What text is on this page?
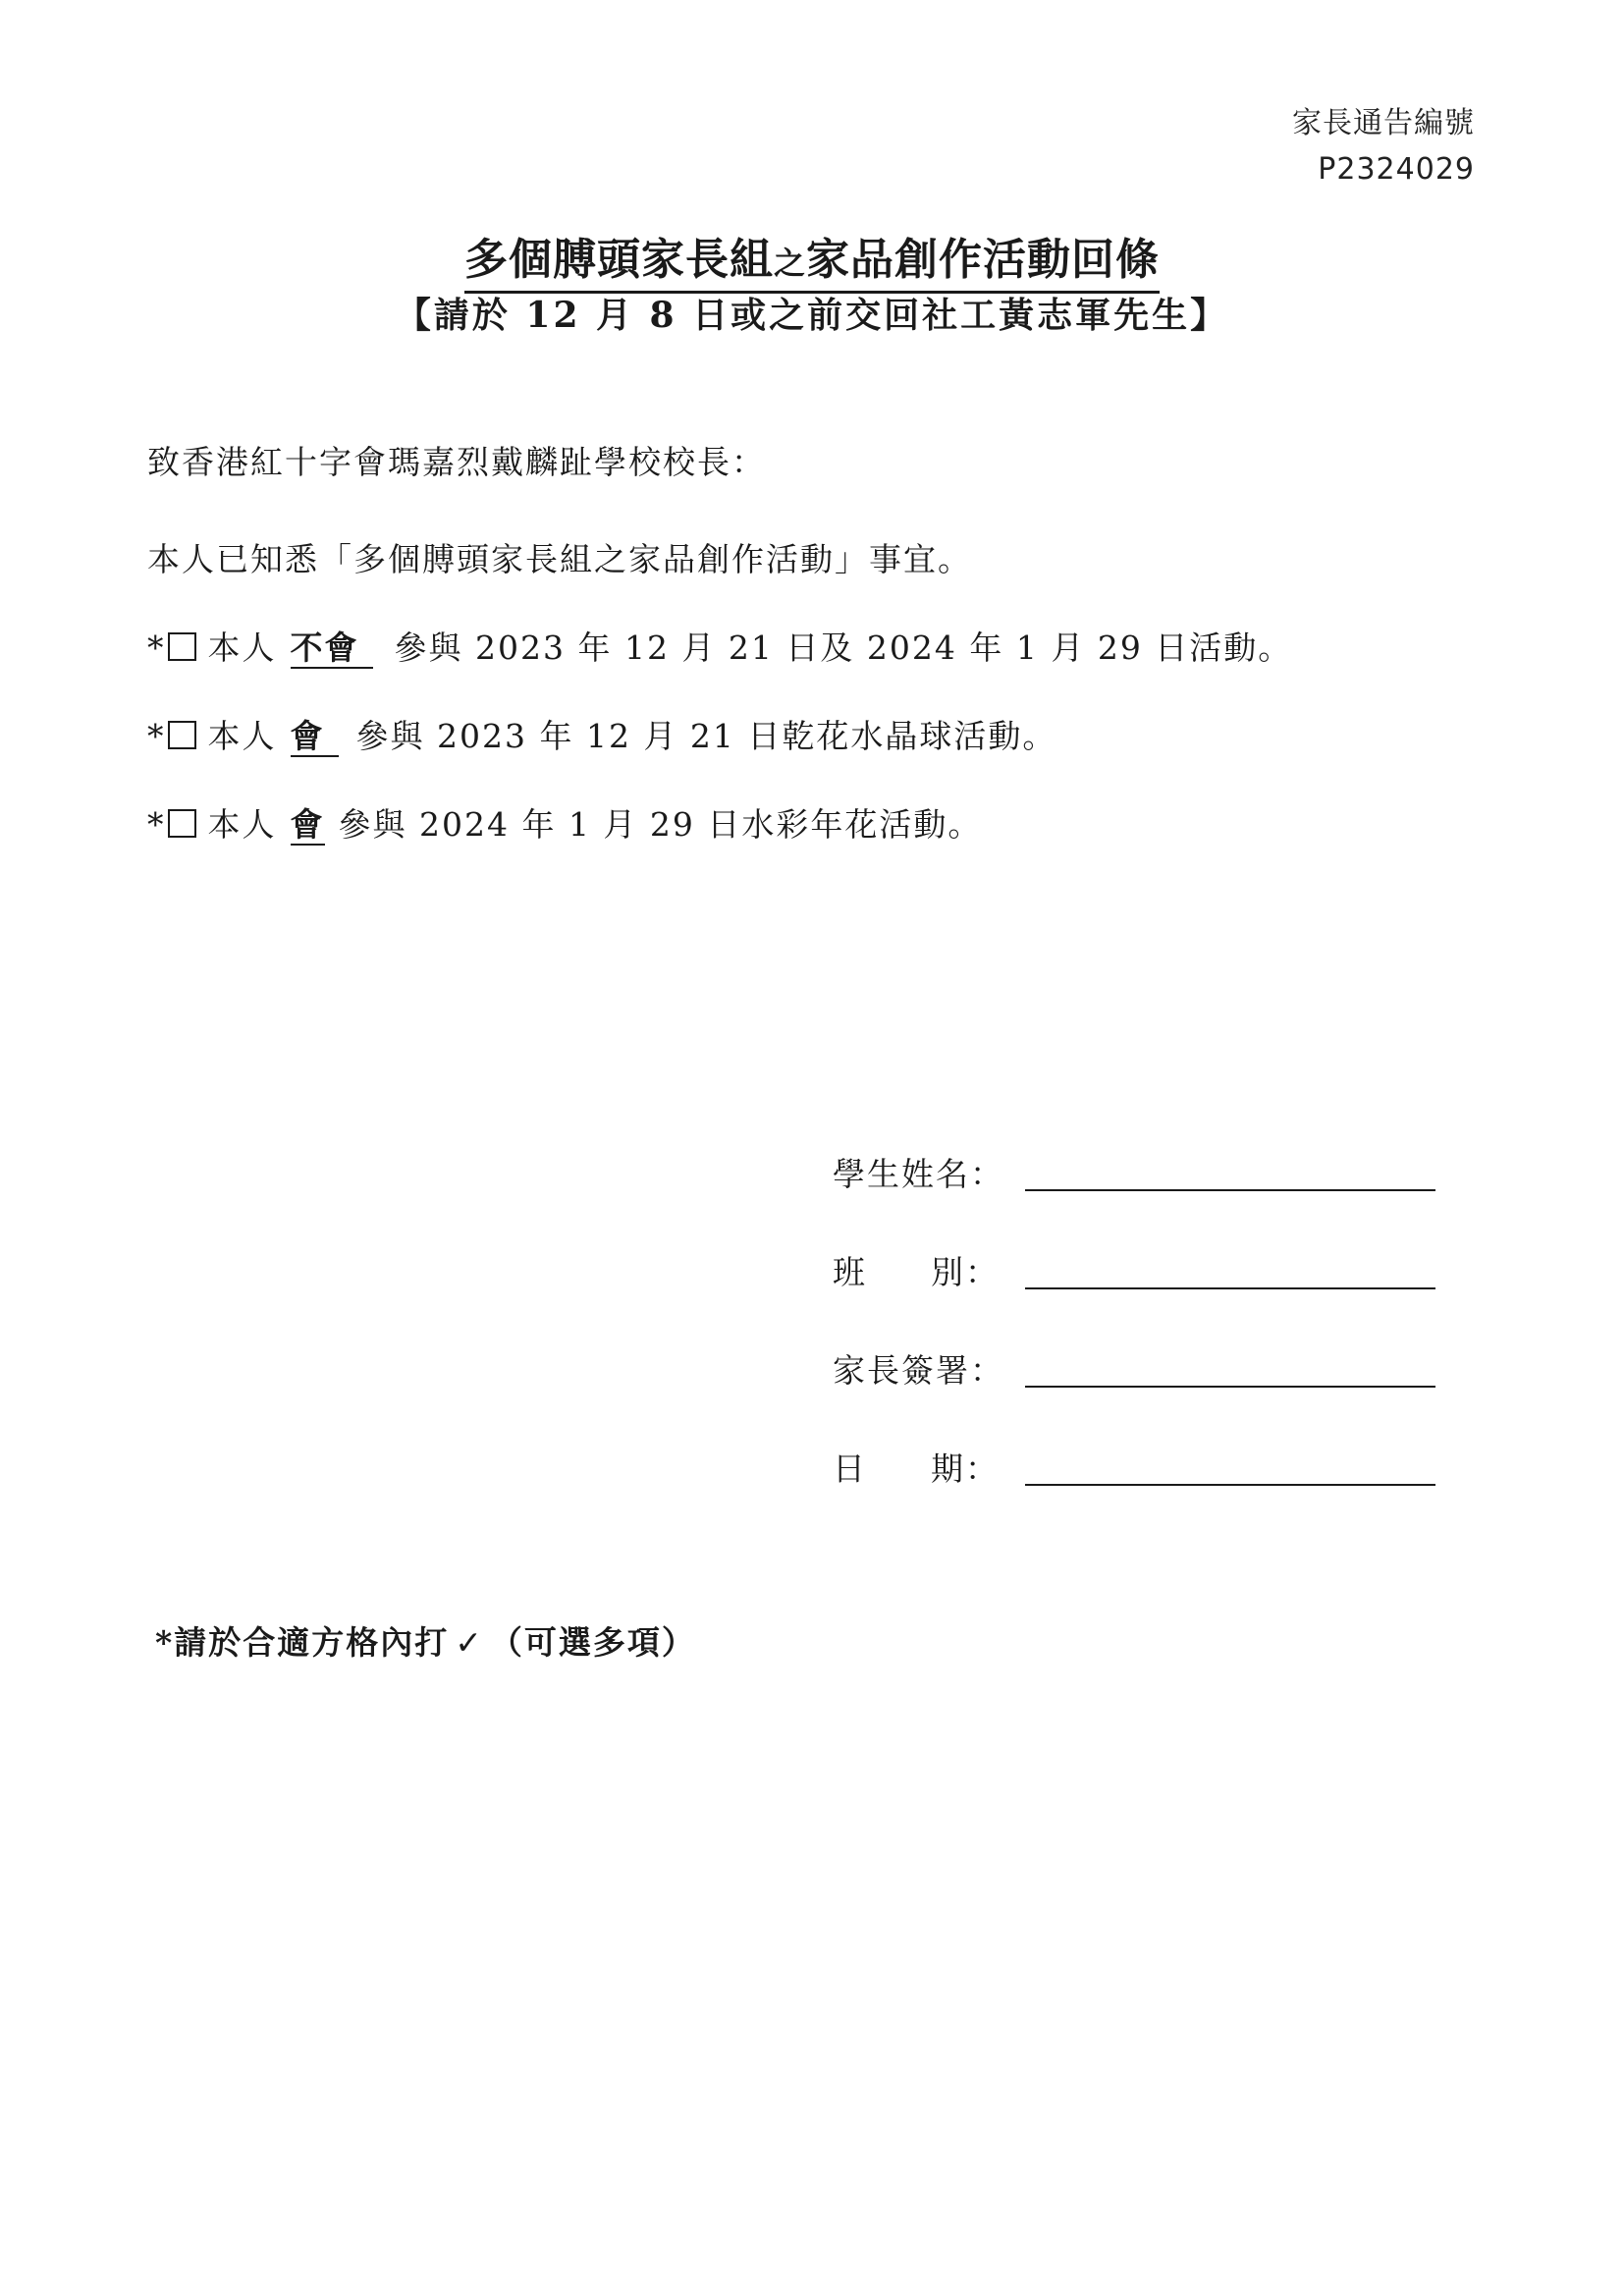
家長通告編號
P2324029
多個膊頭家長組之家品創作活動回條
【請於 12 月 8 日或之前交回社工黃志軍先生】
致香港紅十字會瑪嘉烈戴麟趾學校校長：
本人已知悉「多個膊頭家長組之家品創作活動」事宜。
* 本人 不會 參與 2023 年 12 月 21 日及 2024 年 1 月 29 日活動。
* 本人 會 參與 2023 年 12 月 21 日乾花水晶球活動。
* 本人 會 參與 2024 年 1 月 29 日水彩年花活動。
學生姓名：
班 別：
家長簽署：
日 期：
*請於合適方格內打 ✓ （可選多項）
